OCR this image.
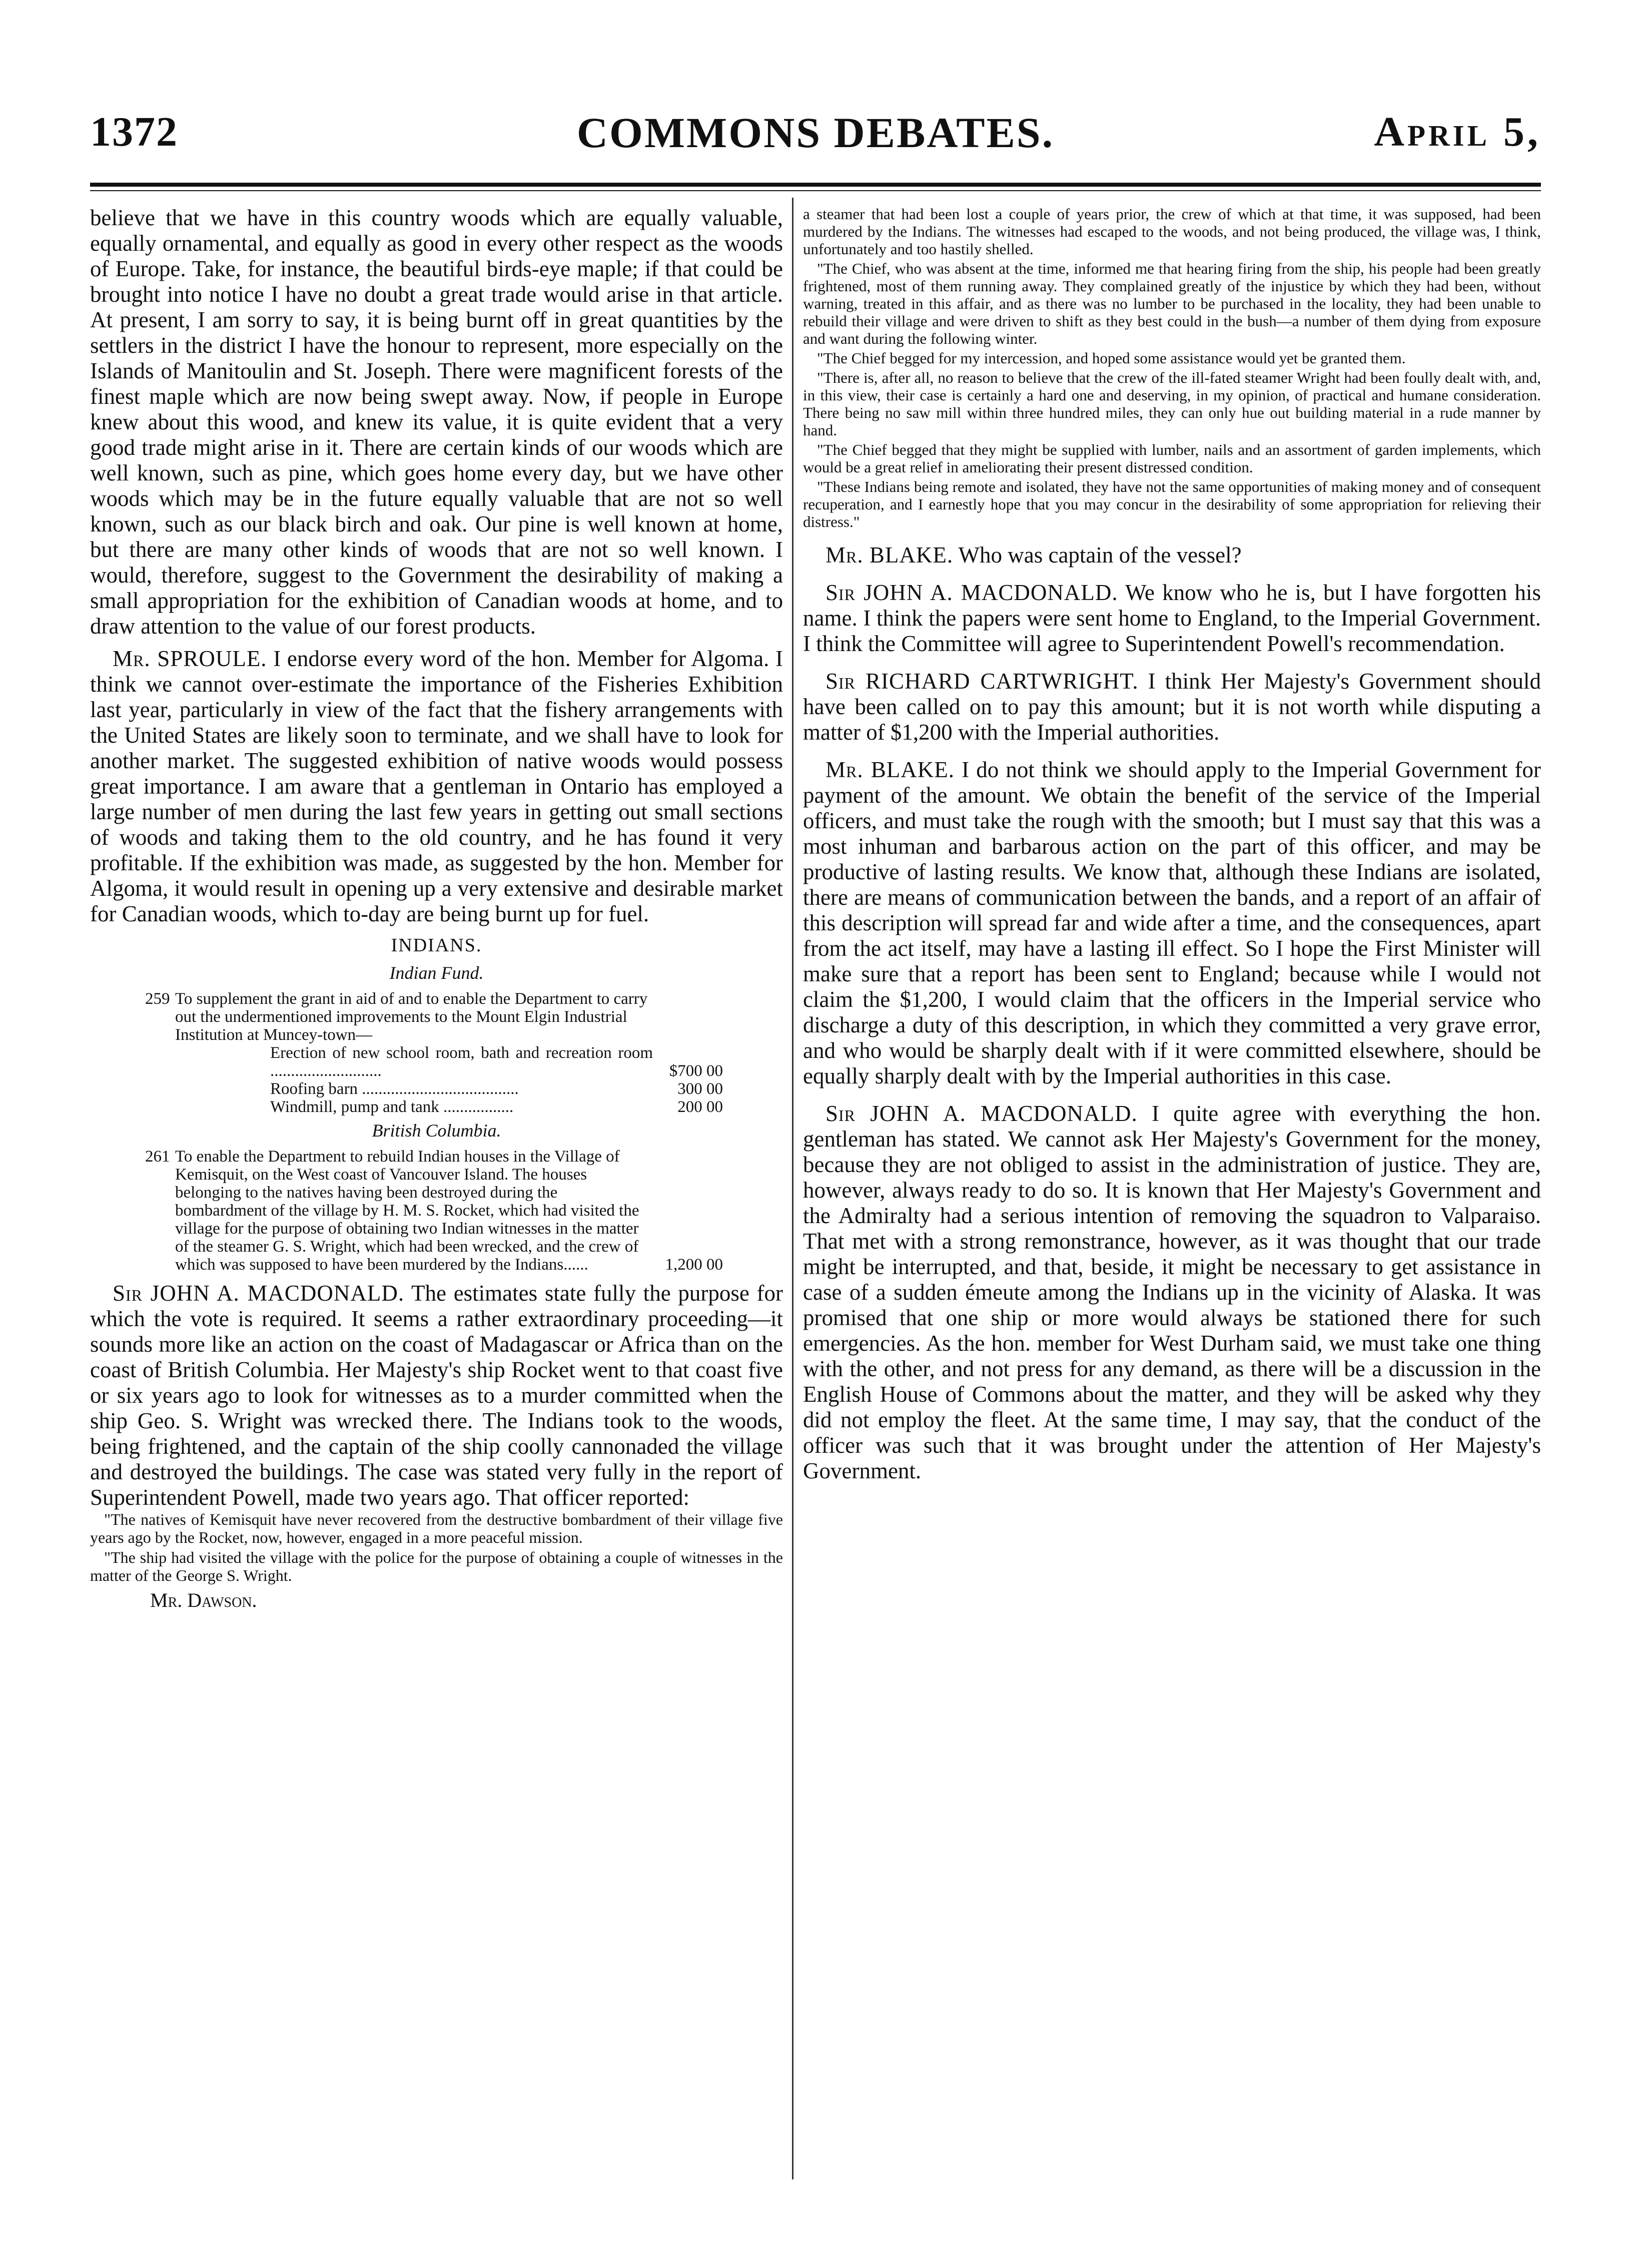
COMMONS DEBATES.
1372	April 5,

believe that we have in this country woods which are equally valuable, equally ornamental, and equally as good in every other respect as the woods of Europe. Take, for instance, the beautiful birds-eye maple; if that could be brought into notice I have no doubt a great trade would arise in that article. At present, I am sorry to say, it is being burnt off in great quantities by the settlers in the district I have the honour to represent, more especially on the Islands of Manitoulin and St. Joseph. There were magnificent forests of the finest maple which are now being swept away. Now, if people in Europe knew about this wood, and knew its value, it is quite evident that a very good trade might arise in it. There are certain kinds of our woods which are well known, such as pine, which goes home every day, but we have other woods which may be in the future equally valuable that are not so well known, such as our black birch and oak. Our pine is well known at home, but there are many other kinds of woods that are not so well known. I would, therefore, suggest to the Government the desirability of making a small appropriation for the exhibition of Canadian woods at home, and to draw attention to the value of our forest products.

Mr. SPROULE. I endorse every word of the hon. Member for Algoma. I think we cannot over-estimate the importance of the Fisheries Exhibition last year, particularly in view of the fact that the fishery arrangements with the United States are likely soon to terminate, and we shall have to look for another market. The suggested exhibition of native woods would possess great importance. I am aware that a gentleman in Ontario has employed a large number of men during the last few years in getting out small sections of woods and taking them to the old country, and he has found it very profitable. If the exhibition was made, as suggested by the hon. Member for Algoma, it would result in opening up a very extensive and desirable market for Canadian woods, which to-day are being burnt up for fuel.

INDIANS.
Indian Fund.
259 To supplement the grant in aid of and to enable the Department to carry out the undermentioned improvements to the Mount Elgin Industrial Institution at Muncey-town—
Erection of new school room, bath and recreation room ...........................	$700 00
Roofing barn ......................................	300 00
Windmill, pump and tank .................	200 00
British Columbia.
261 To enable the Department to rebuild Indian houses in the Village of Kemisquit, on the West coast of Vancouver Island. The houses belonging to the natives having been destroyed during the bombardment of the village by H. M. S. Rocket, which had visited the village for the purpose of obtaining two Indian witnesses in the matter of the steamer G. S. Wright, which had been wrecked, and the crew of which was supposed to have been murdered by the Indians......	1,200 00

Sir JOHN A. MACDONALD. The estimates state fully the purpose for which the vote is required. It seems a rather extraordinary proceeding—it sounds more like an action on the coast of Madagascar or Africa than on the coast of British Columbia. Her Majesty's ship Rocket went to that coast five or six years ago to look for witnesses as to a murder committed when the ship Geo. S. Wright was wrecked there. The Indians took to the woods, being frightened, and the captain of the ship coolly cannonaded the village and destroyed the buildings. The case was stated very fully in the report of Superintendent Powell, made two years ago. That officer reported:

"The natives of Kemisquit have never recovered from the destructive bombardment of their village five years ago by the Rocket, now, however, engaged in a more peaceful mission.

"The ship had visited the village with the police for the purpose of obtaining a couple of witnesses in the matter of the George S. Wright.

Mr. Dawson.

a steamer that had been lost a couple of years prior, the crew of which at that time, it was supposed, had been murdered by the Indians. The witnesses had escaped to the woods, and not being produced, the village was, I think, unfortunately and too hastily shelled.

"The Chief, who was absent at the time, informed me that hearing firing from the ship, his people had been greatly frightened, most of them running away. They complained greatly of the injustice by which they had been, without warning, treated in this affair, and as there was no lumber to be purchased in the locality, they had been unable to rebuild their village and were driven to shift as they best could in the bush—a number of them dying from exposure and want during the following winter.

"The Chief begged for my intercession, and hoped some assistance would yet be granted them.

"There is, after all, no reason to believe that the crew of the ill-fated steamer Wright had been foully dealt with, and, in this view, their case is certainly a hard one and deserving, in my opinion, of practical and humane consideration. There being no saw mill within three hundred miles, they can only hue out building material in a rude manner by hand.

"The Chief begged that they might be supplied with lumber, nails and an assortment of garden implements, which would be a great relief in ameliorating their present distressed condition.

"These Indians being remote and isolated, they have not the same opportunities of making money and of consequent recuperation, and I earnestly hope that you may concur in the desirability of some appropriation for relieving their distress."

Mr. BLAKE. Who was captain of the vessel?

Sir JOHN A. MACDONALD. We know who he is, but I have forgotten his name. I think the papers were sent home to England, to the Imperial Government. I think the Committee will agree to Superintendent Powell's recommendation.

Sir RICHARD CARTWRIGHT. I think Her Majesty's Government should have been called on to pay this amount; but it is not worth while disputing a matter of $1,200 with the Imperial authorities.

Mr. BLAKE. I do not think we should apply to the Imperial Government for payment of the amount. We obtain the benefit of the service of the Imperial officers, and must take the rough with the smooth; but I must say that this was a most inhuman and barbarous action on the part of this officer, and may be productive of lasting results. We know that, although these Indians are isolated, there are means of communication between the bands, and a report of an affair of this description will spread far and wide after a time, and the consequences, apart from the act itself, may have a lasting ill effect. So I hope the First Minister will make sure that a report has been sent to England; because while I would not claim the $1,200, I would claim that the officers in the Imperial service who discharge a duty of this description, in which they committed a very grave error, and who would be sharply dealt with if it were committed elsewhere, should be equally sharply dealt with by the Imperial authorities in this case.

Sir JOHN A. MACDONALD. I quite agree with everything the hon. gentleman has stated. We cannot ask Her Majesty's Government for the money, because they are not obliged to assist in the administration of justice. They are, however, always ready to do so. It is known that Her Majesty's Government and the Admiralty had a serious intention of removing the squadron to Valparaiso. That met with a strong remonstrance, however, as it was thought that our trade might be interrupted, and that, beside, it might be necessary to get assistance in case of a sudden émeute among the Indians up in the vicinity of Alaska. It was promised that one ship or more would always be stationed there for such emergencies. As the hon. member for West Durham said, we must take one thing with the other, and not press for any demand, as there will be a discussion in the English House of Commons about the matter, and they will be asked why they did not employ the fleet. At the same time, I may say, that the conduct of the officer was such that it was brought under the attention of Her Majesty's Government.
